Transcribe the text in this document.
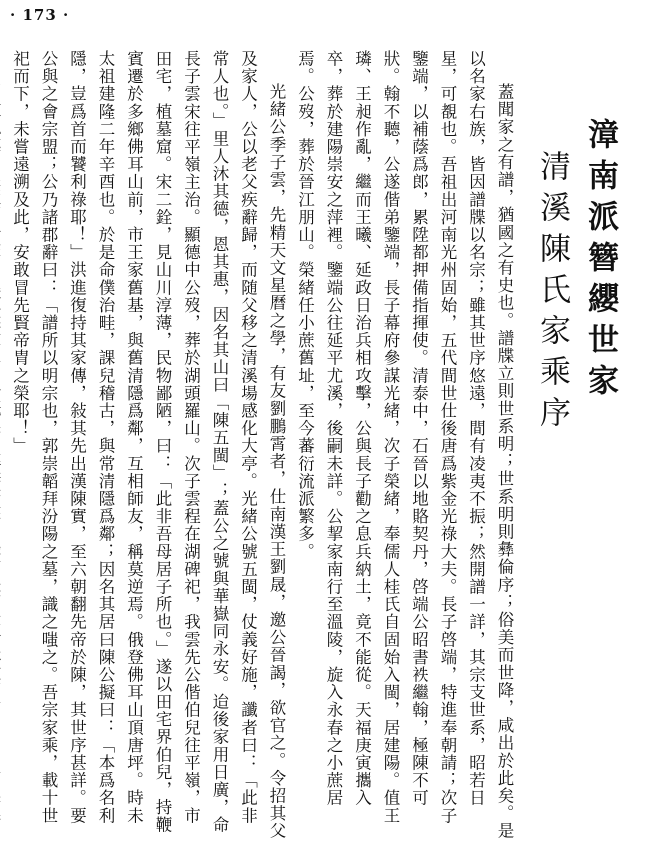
· 173 ·
漳南派簪纓世家
清溪陳氏家乘序

蓋聞家之有譜，猶國之有史也。譜牒立則世系明；世系明則彝倫序；俗美而世降，咸出於此矣。是以名家右族，皆因譜牒以名宗；雖其世序悠遠，間有凌夷不振；然開譜一詳，其宗支世系，昭若日星，可覩也。吾祖出河南光州固始，五代間世仕後唐爲紫金光祿大夫。長子啓端，特進奉朝請；次子鑒端，以補蔭爲郎，累陞都押備指揮使。清泰中，石晉以地賂契丹，啓端公昭書袟繼翰，極陳不可狀。翰不聽，公遂偕弟鑒端，長子幕府參謀光緒，次子榮緒，奉儒人桂氏自固始入閩，居建陽。值王璘、王昶作亂，繼而王曦、延政日治兵相攻擊，公與長子勸之息兵納土，竟不能從。天福庚寅攜入卒，葬於建陽崇安之萍裡。鑒端公往延平尤溪，後嗣未詳。公挈家南行至溫陵，旋入永春之小蔗居焉。公歿，葬於晉江朋山。榮緒任小蔗舊址，至今蕃衍流派繁多。

光緒公季子雲，先精天文星曆之學，有友劉鵬霄者，仕南漢王劉晟，邀公晉謁，欲官之。令招其父及家人，公以老父疾辭歸，而随父移之清溪場感化大亭。光緒公號五閩，仗義好施，讖者曰：「此非常人也。」里人沐其德，恩其惠，因名其山曰「陳五閩」；蓋公之號與華嶽同永安。迨後家用日廣，命長子雲宋往平嶺主治。顯德中公歿，葬於湖頭羅山。次子雲程在湖碑祀，我雲先公偕伯兒往平嶺，市田宅，植墓窟。宋二銓，見山川淳薄，民物鄙陋，曰：「此非吾母居子所也。」遂以田宅界伯兒，持鞭賓遷於多鄉佛耳山前，市王家舊基，與舊清隱爲鄰，互相師友，稱莫逆焉。俄登佛耳山頂唐坪。時未太祖建隆二年辛酉也。於是命僕治畦，課兒稽古，與常清隱爲鄰；因名其居曰陳公擬曰：「本爲名利隱，豈爲首而饕利祿耶！」洪進復持其家傳，敍其先出漢陳實，至六朝翻先帝於陳，其世序甚詳。要公與之會宗盟；公乃諸郡辭曰：「譜所以明宗也，郭崇韜拜汾陽之墓，識之嗤之。吾宗家乘，載十世祀而下，未嘗遠溯及此，安敢冒先賢帝胄之榮耶！」
